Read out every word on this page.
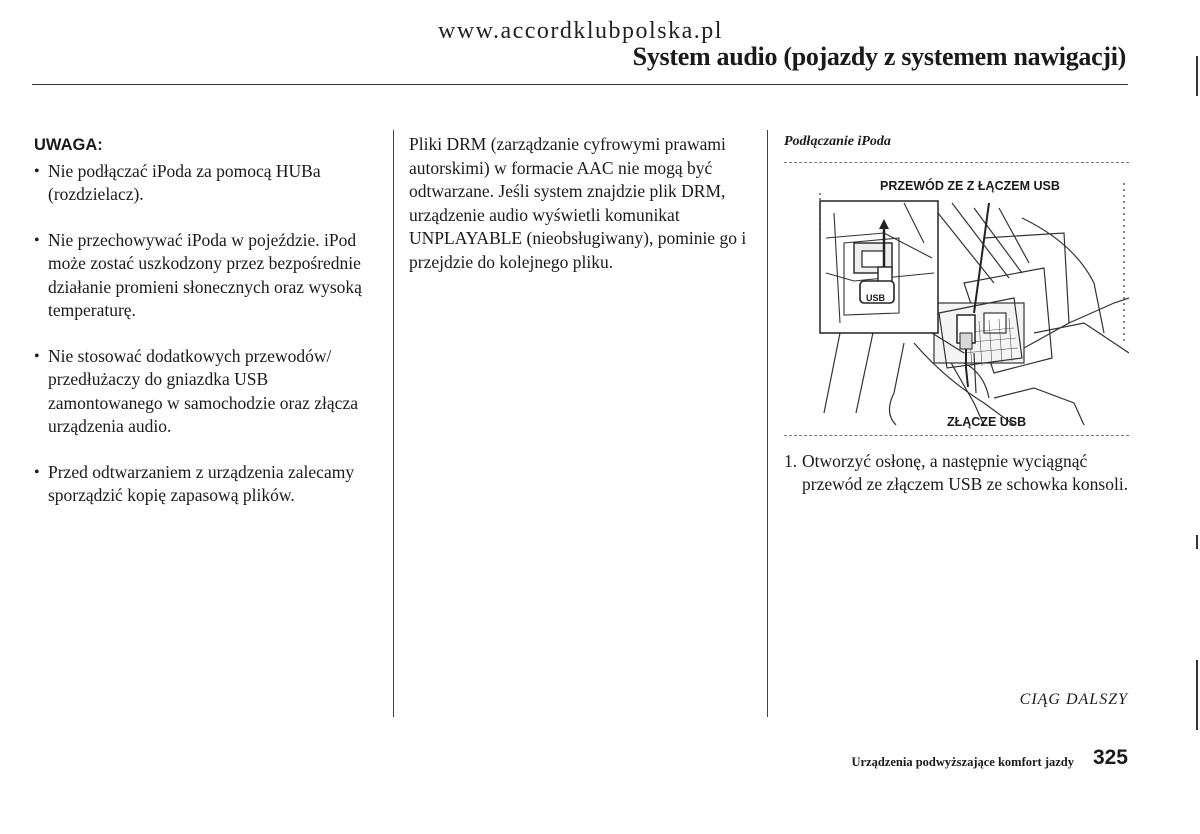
www.accordklubpolska.pl
System audio (pojazdy z systemem nawigacji)
UWAGA:
• Nie podłączać iPoda za pomocą HUBa (rozdzielacz).
• Nie przechowywać iPoda w pojeździe. iPod może zostać uszkodzony przez bezpośrednie działanie promieni słonecznych oraz wysoką temperaturę.
• Nie stosować dodatkowych przewodów/ przedłużaczy do gniazdka USB zamontowanego w samochodzie oraz złącza urządzenia audio.
• Przed odtwarzaniem z urządzenia zalecamy sporządzić kopię zapasową plików.

Pliki DRM (zarządzanie cyfrowymi prawami autorskimi) w formacie AAC nie mogą być odtwarzane. Jeśli system znajdzie plik DRM, urządzenie audio wyświetli komunikat UNPLAYABLE (nieobsługiwany), pominie go i przejdzie do kolejnego pliku.

Podłączanie iPoda
PRZEWÓD ZE Z ŁĄCZEM USB
ZŁĄCZE USB
USB
1. Otworzyć osłonę, a następnie wyciągnąć przewód ze złączem USB ze schowka konsoli.
CIĄG DALSZY
Urządzenia podwyższające komfort jazdy 325
